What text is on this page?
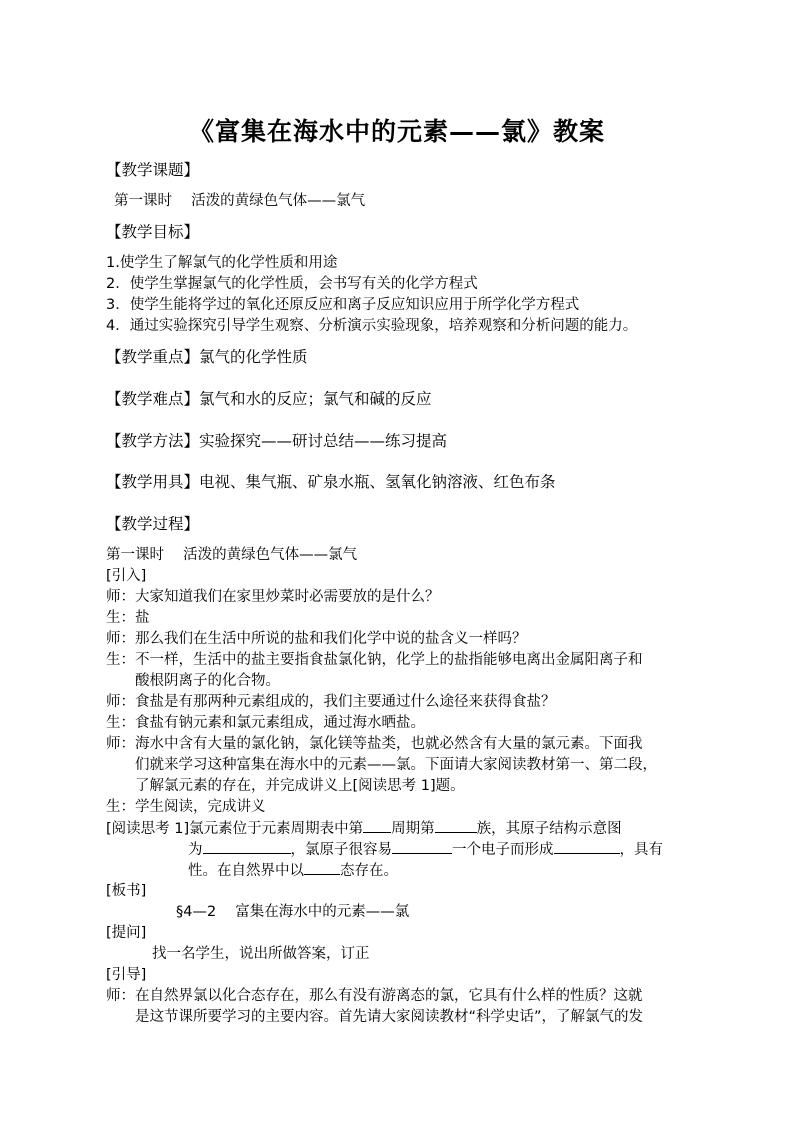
《富集在海水中的元素——氯》教案
【教学课题】
第一课时　 活泼的黄绿色气体——氯气
【教学目标】
1.使学生了解氯气的化学性质和用途
2．使学生掌握氯气的化学性质，会书写有关的化学方程式
3．使学生能将学过的氧化还原反应和离子反应知识应用于所学化学方程式
4．通过实验探究引导学生观察、分析演示实验现象，培养观察和分析问题的能力。
【教学重点】氯气的化学性质
【教学难点】氯气和水的反应；氯气和碱的反应
【教学方法】实验探究——研讨总结——练习提高
【教学用具】电视、集气瓶、矿泉水瓶、氢氧化钠溶液、红色布条
【教学过程】
第一课时　 活泼的黄绿色气体——氯气
[引入]
师：大家知道我们在家里炒菜时必需要放的是什么？
生：盐
师：那么我们在生活中所说的盐和我们化学中说的盐含义一样吗？
生：不一样，生活中的盐主要指食盐氯化钠，化学上的盐指能够电离出金属阳离子和
酸根阴离子的化合物。
师：食盐是有那两种元素组成的，我们主要通过什么途径来获得食盐？
生：食盐有钠元素和氯元素组成，通过海水晒盐。
师：海水中含有大量的氯化钠，氯化镁等盐类，也就必然含有大量的氯元素。下面我
们就来学习这种富集在海水中的元素——氯。下面请大家阅读教材第一、第二段，
了解氯元素的存在，并完成讲义上[阅读思考 1]题。
生：学生阅读，完成讲义
[阅读思考 1]氯元素位于元素周期表中第 周期第	族，其原子结构示意图
为	，氯原子很容易	一个电子而形成	，具有
性。在自然界中以 态存在。
[板书]
§4—2　 富集在海水中的元素——氯
[提问]
找一名学生，说出所做答案，订正
[引导]
师：在自然界氯以化合态存在，那么有没有游离态的氯，它具有什么样的性质？这就
是这节课所要学习的主要内容。首先请大家阅读教材“科学史话”，了解氯气的发
